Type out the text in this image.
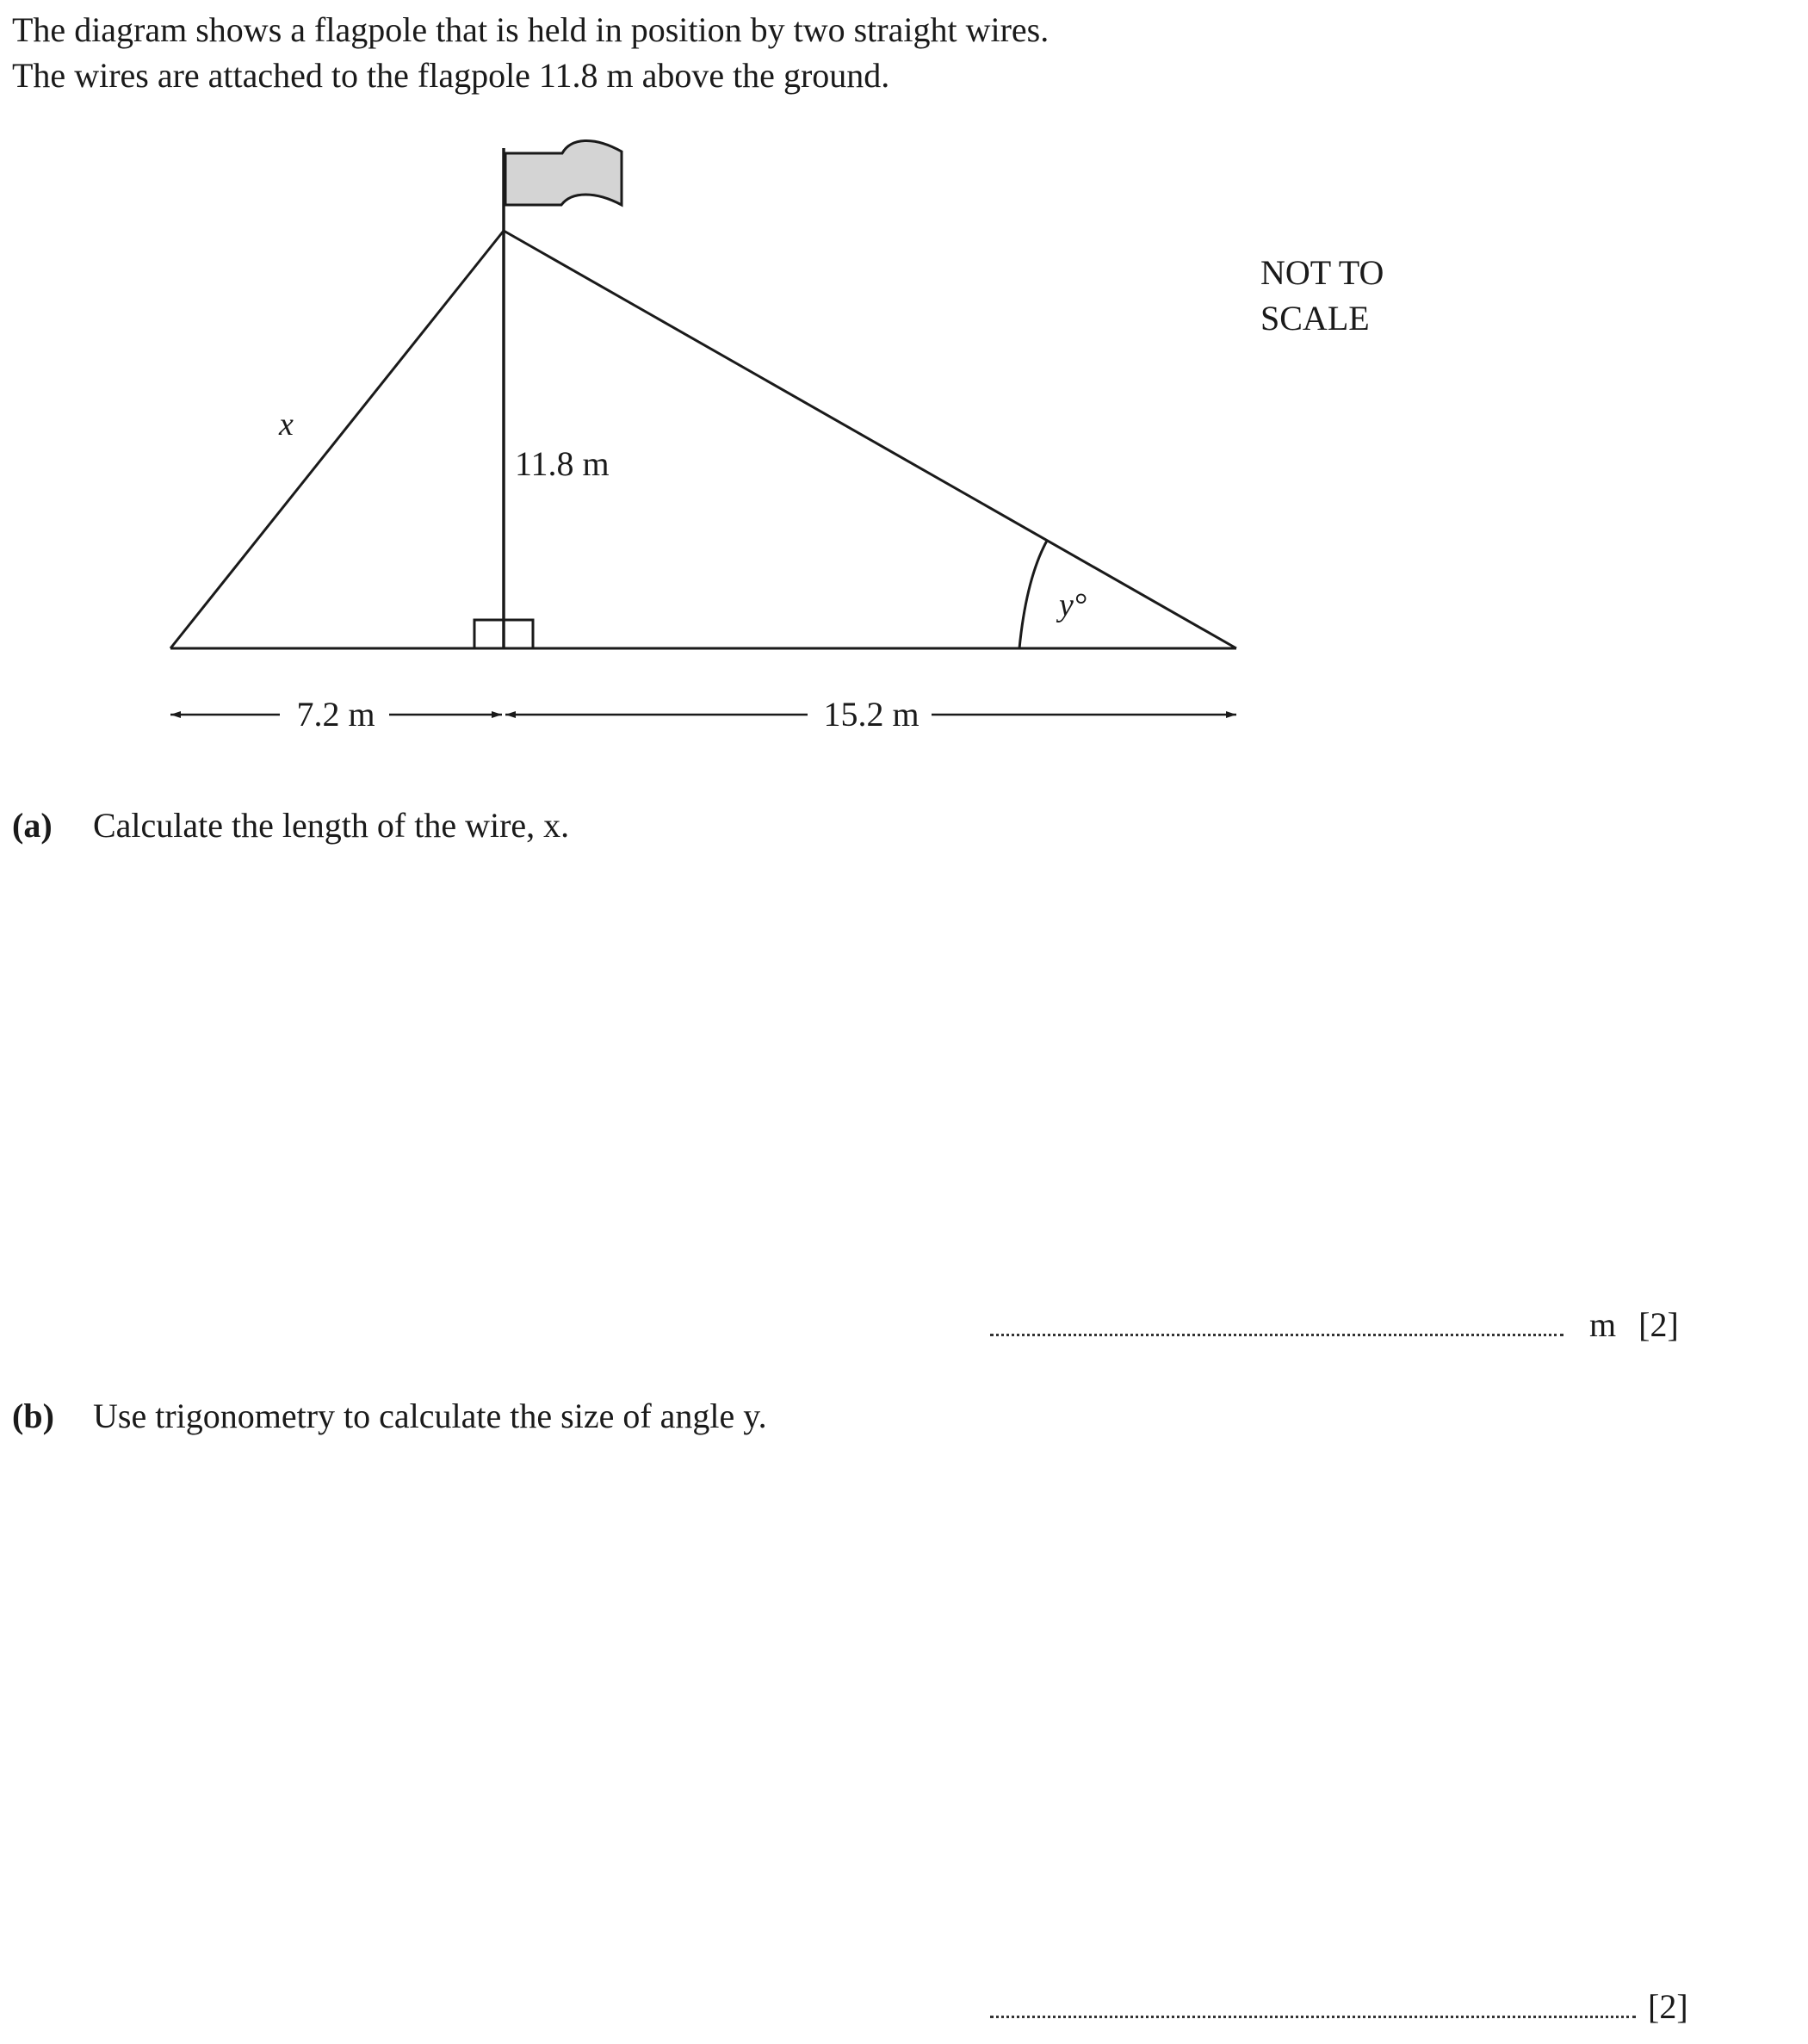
The diagram shows a flagpole that is held in position by two straight wires.

The wires are attached to the flagpole 11.8 m above the ground.

x
11.8 m
y°
NOT TO
SCALE
7.2 m	15.2 m
(a) Calculate the length of the wire, x.
m [2]
(b) Use trigonometry to calculate the size of angle y.
[2]
